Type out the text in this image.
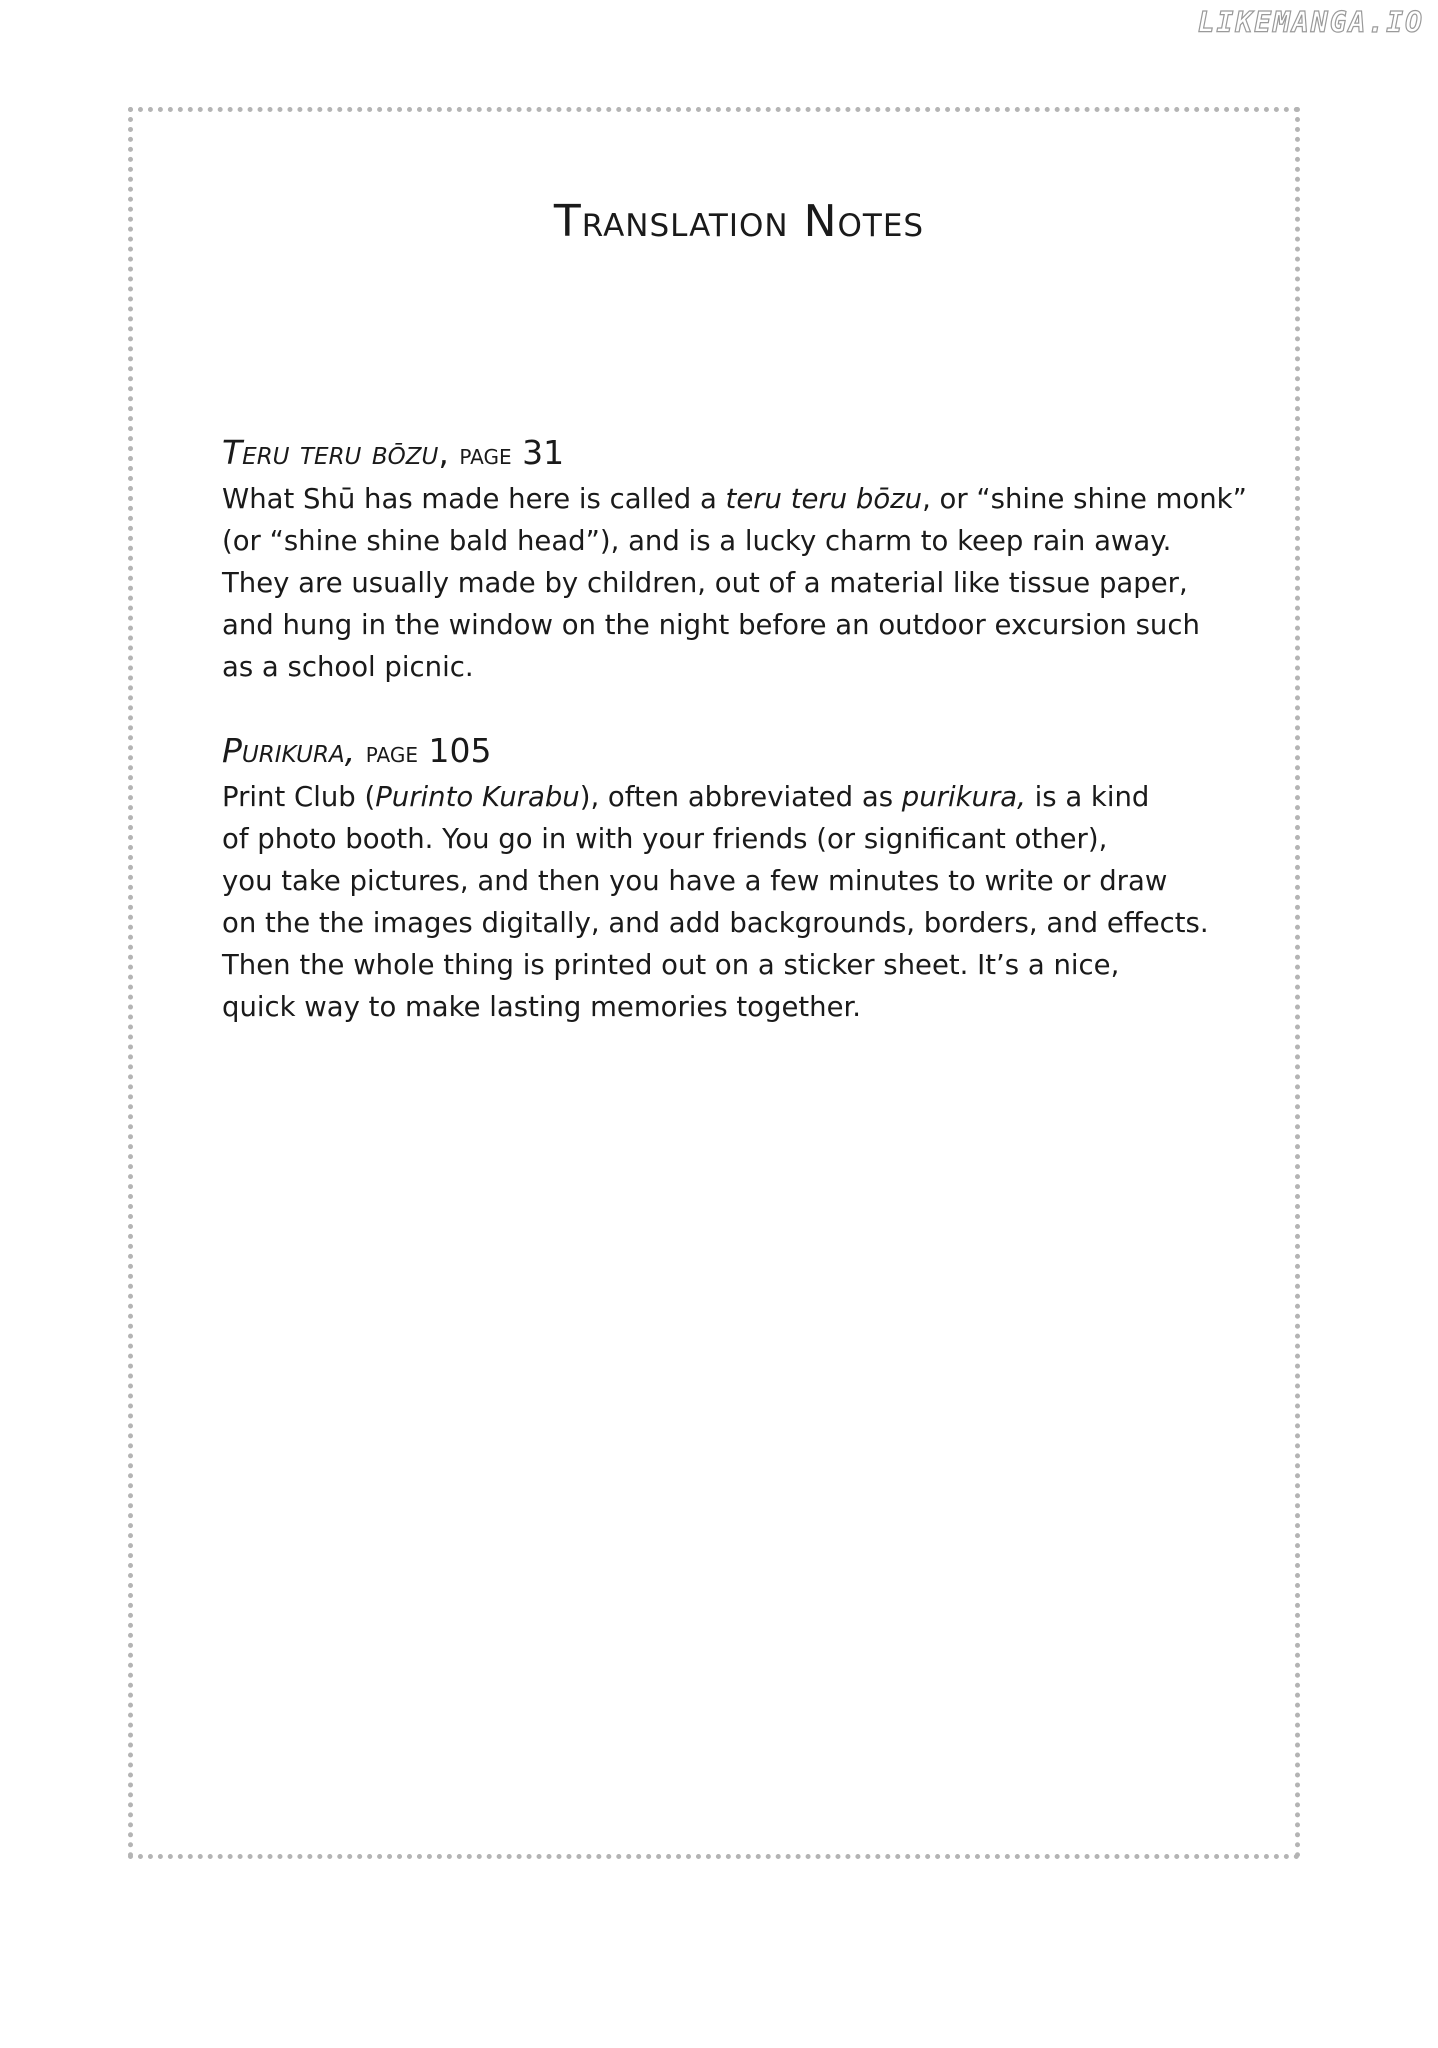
LIKEMANGA.IO
Translation Notes
Teru teru bōzu, page 31

What Shū has made here is called a teru teru bōzu, or “shine shine monk”
(or “shine shine bald head”), and is a lucky charm to keep rain away.
They are usually made by children, out of a material like tissue paper,
and hung in the window on the night before an outdoor excursion such
as a school picnic.

Purikura, page 105

Print Club (Purinto Kurabu), often abbreviated as purikura, is a kind
of photo booth. You go in with your friends (or significant other),
you take pictures, and then you have a few minutes to write or draw
on the the images digitally, and add backgrounds, borders, and effects.
Then the whole thing is printed out on a sticker sheet. It’s a nice,
quick way to make lasting memories together.
